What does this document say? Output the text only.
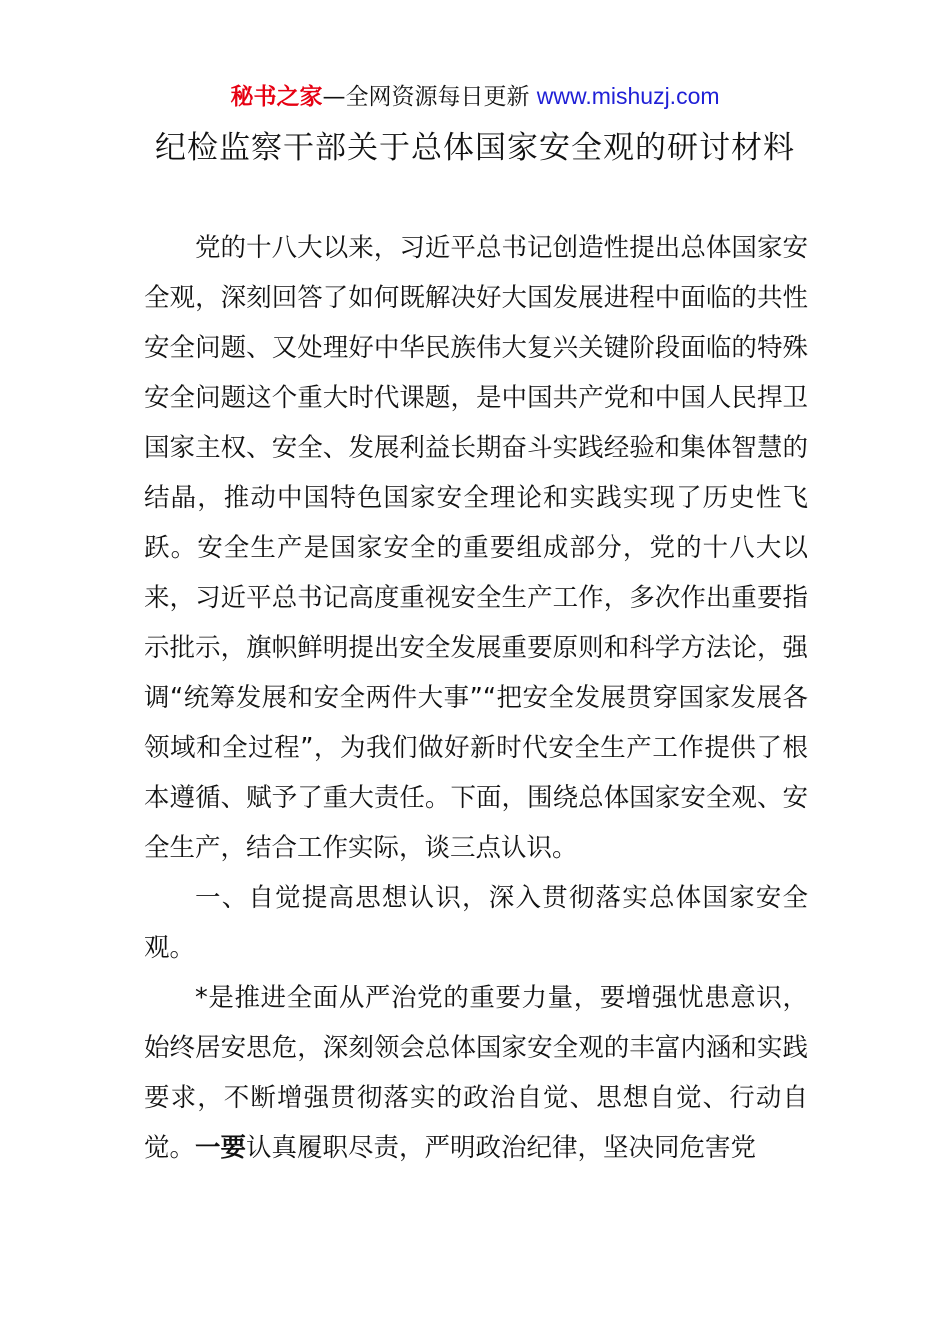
秘书之家—全网资源每日更新 www.mishuzj.com
纪检监察干部关于总体国家安全观的研讨材料

党的十八大以来，习近平总书记创造性提出总体国家安全观，深刻回答了如何既解决好大国发展进程中面临的共性安全问题、又处理好中华民族伟大复兴关键阶段面临的特殊安全问题这个重大时代课题，是中国共产党和中国人民捍卫国家主权、安全、发展利益长期奋斗实践经验和集体智慧的结晶，推动中国特色国家安全理论和实践实现了历史性飞跃。安全生产是国家安全的重要组成部分，党的十八大以来，习近平总书记高度重视安全生产工作，多次作出重要指示批示，旗帜鲜明提出安全发展重要原则和科学方法论，强调“统筹发展和安全两件大事”“把安全发展贯穿国家发展各领域和全过程”，为我们做好新时代安全生产工作提供了根本遵循、赋予了重大责任。下面，围绕总体国家安全观、安全生产，结合工作实际，谈三点认识。

一、自觉提高思想认识，深入贯彻落实总体国家安全观。

*是推进全面从严治党的重要力量，要增强忧患意识，始终居安思危，深刻领会总体国家安全观的丰富内涵和实践要求，不断增强贯彻落实的政治自觉、思想自觉、行动自觉。一要认真履职尽责，严明政治纪律，坚决同危害党
